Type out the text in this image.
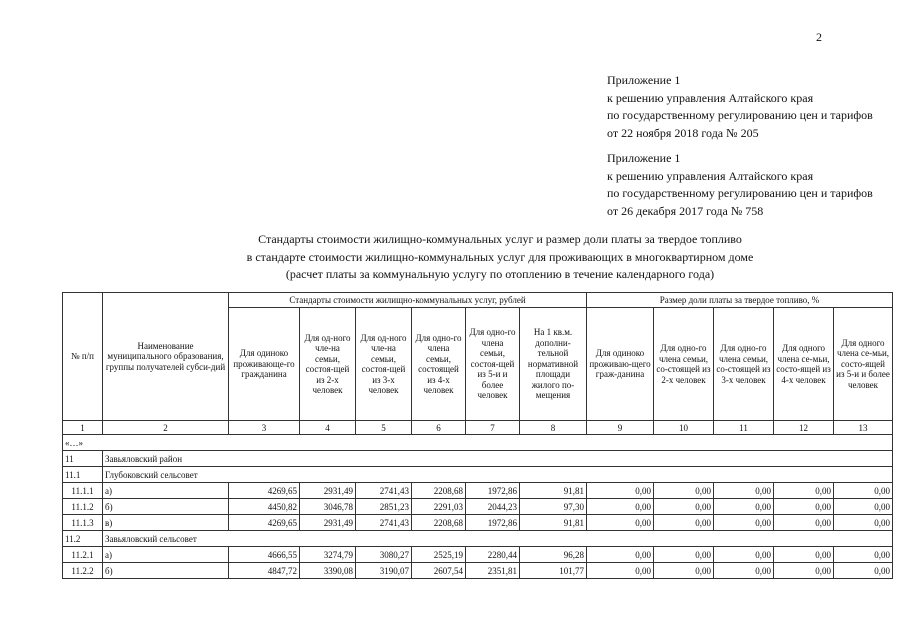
2
Приложение 1
к решению управления Алтайского края
по государственному регулированию цен и тарифов
от 22 ноября 2018 года № 205
Приложение 1
к решению управления Алтайского края
по государственному регулированию цен и тарифов
от 26 декабря 2017 года № 758
Стандарты стоимости жилищно-коммунальных услуг и размер доли платы за твердое топливо
в стандарте стоимости жилищно-коммунальных услуг для проживающих в многоквартирном доме
(расчет платы за коммунальную услугу по отоплению в течение календарного года)
№ п/п	Наименование муниципального образования, группы получателей субси-дий	Стандарты стоимости жилищно-коммунальных услуг, рублей						Размер доли платы за твердое топливо, %				
		Для одиноко проживающе-го гражданина	Для од-ного чле-на семьи, состоя-щей из 2-х человек	Для од-ного чле-на семьи, состоя-щей из 3-х человек	Для одно-го члена семьи, состоящей из 4-х человек	Для одно-го члена семьи, состоя-щей из 5-и и более человек	На 1 кв.м. дополни-тельной нормативной площади жилого по-мещения	Для одиноко проживаю-щего граж-данина	Для одно-го члена семьи, со-стоящей из 2-х человек	Для одно-го члена семьи, со-стоящей из 3-х человек	Для одного члена се-мьи, состо-ящей из 4-х человек	Для одного члена се-мьи, состо-ящей из 5-и и более человек
1	2	3	4	5	6	7	8	9	10	11	12	13
«…»												
11	Завьяловский район											
11.1	Глубоковский сельсовет											
11.1.1	а)	4269,65	2931,49	2741,43	2208,68	1972,86	91,81	0,00	0,00	0,00	0,00	0,00
11.1.2	б)	4450,82	3046,78	2851,23	2291,03	2044,23	97,30	0,00	0,00	0,00	0,00	0,00
11.1.3	в)	4269,65	2931,49	2741,43	2208,68	1972,86	91,81	0,00	0,00	0,00	0,00	0,00
11.2	Завьяловский сельсовет											
11.2.1	а)	4666,55	3274,79	3080,27	2525,19	2280,44	96,28	0,00	0,00	0,00	0,00	0,00
11.2.2	б)	4847,72	3390,08	3190,07	2607,54	2351,81	101,77	0,00	0,00	0,00	0,00	0,00
